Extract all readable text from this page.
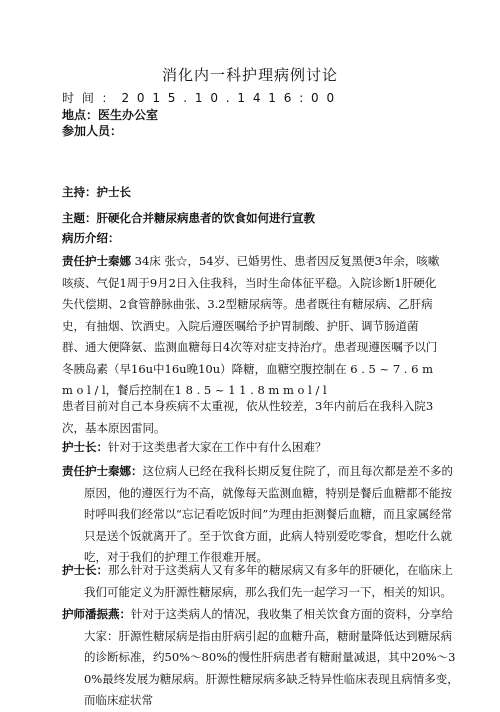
消化内一科护理病例讨论
时 间 ： 2 0 1 5 . 1 0 . 1 4 1 6 : 0 0
地点：医生办公室
参加人员：
主持：护士长
主题：肝硬化合并糖尿病患者的饮食如何进行宣教
病历介绍：
责任护士秦娜 34床 张☆，54岁、已婚男性、患者因反复黑便3年余，咳嗽咳痰、气促1周于9月2日入住我科，当时生命体征平稳。入院诊断1肝硬化失代偿期、2食管静脉曲张、3.2型糖尿病等。患者既往有糖尿病、乙肝病史，有抽烟、饮酒史。入院后遵医嘱给予护胃制酸、护肝、调节肠道菌群、通大便降氨、监测血糖每日4次等对症支持治疗。患者现遵医嘱予以门冬胰岛素（早16u中16u晚10u）降糖，血糖空腹控制在 6 . 5 ~ 7 . 6 m m o l / l，餐后控制在1 8 . 5 ~ 1 1 . 8 m m o l / l
患者目前对自己本身疾病不太重视，依从性较差，3年内前后在我科入院3次，基本原因雷同。
护士长：针对于这类患者大家在工作中有什么困难？
责任护士秦娜：这位病人已经在我科长期反复住院了，而且每次都是差不多的原因，他的遵医行为不高，就像每天监测血糖，特别是餐后血糖都不能按时呼叫我们经常以“忘记看吃饭时间”为理由拒测餐后血糖，而且家属经常只是送个饭就离开了。至于饮食方面，此病人特别爱吃零食，想吃什么就吃，对于我们的护理工作很难开展。
护士长：那么针对于这类病人又有多年的糖尿病又有多年的肝硬化，在临床上我们可能定义为肝源性糖尿病，那么我们先一起学习一下，相关的知识。
护师潘振燕：针对于这类病人的情况，我收集了相关饮食方面的资料，分享给大家：肝源性糖尿病是指由肝病引起的血糖升高，糖耐量降低达到糖尿病的诊断标准，约50%～80%的慢性肝病患者有糖耐量减退，其中20%～30%最终发展为糖尿病。肝源性糖尿病多缺乏特异性临床表现且病情多变，而临床症状常
